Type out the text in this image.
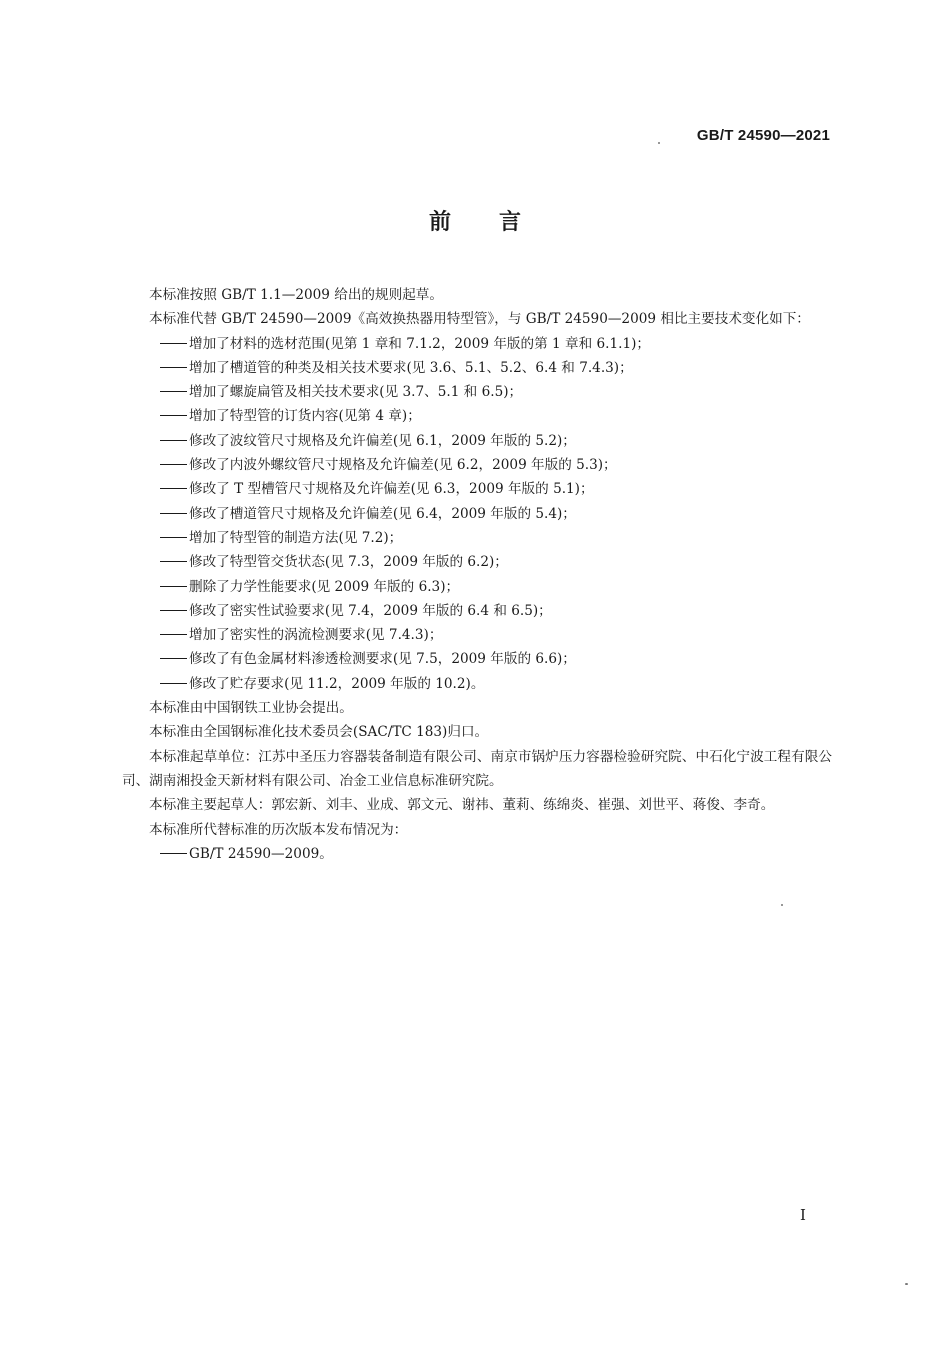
GB/T 24590—2021
前言

本标准按照 GB/T 1.1—2009 给出的规则起草。

本标准代替 GB/T 24590—2009《高效换热器用特型管》，与 GB/T 24590—2009 相比主要技术变化如下：

增加了材料的选材范围(见第 1 章和 7.1.2，2009 年版的第 1 章和 6.1.1)；

增加了槽道管的种类及相关技术要求(见 3.6、5.1、5.2、6.4 和 7.4.3)；

增加了螺旋扁管及相关技术要求(见 3.7、5.1 和 6.5)；

增加了特型管的订货内容(见第 4 章)；

修改了波纹管尺寸规格及允许偏差(见 6.1，2009 年版的 5.2)；

修改了内波外螺纹管尺寸规格及允许偏差(见 6.2，2009 年版的 5.3)；

修改了 T 型槽管尺寸规格及允许偏差(见 6.3，2009 年版的 5.1)；

修改了槽道管尺寸规格及允许偏差(见 6.4，2009 年版的 5.4)；

增加了特型管的制造方法(见 7.2)；

修改了特型管交货状态(见 7.3，2009 年版的 6.2)；

删除了力学性能要求(见 2009 年版的 6.3)；

修改了密实性试验要求(见 7.4，2009 年版的 6.4 和 6.5)；

增加了密实性的涡流检测要求(见 7.4.3)；

修改了有色金属材料渗透检测要求(见 7.5，2009 年版的 6.6)；

修改了贮存要求(见 11.2，2009 年版的 10.2)。

本标准由中国钢铁工业协会提出。

本标准由全国钢标准化技术委员会(SAC/TC 183)归口。

本标准起草单位：江苏中圣压力容器装备制造有限公司、南京市锅炉压力容器检验研究院、中石化宁波工程有限公司、湖南湘投金天新材料有限公司、冶金工业信息标准研究院。

本标准主要起草人：郭宏新、刘丰、业成、郭文元、谢祎、董莉、练绵炎、崔强、刘世平、蒋俊、李奇。

本标准所代替标准的历次版本发布情况为：

GB/T 24590—2009。

I
